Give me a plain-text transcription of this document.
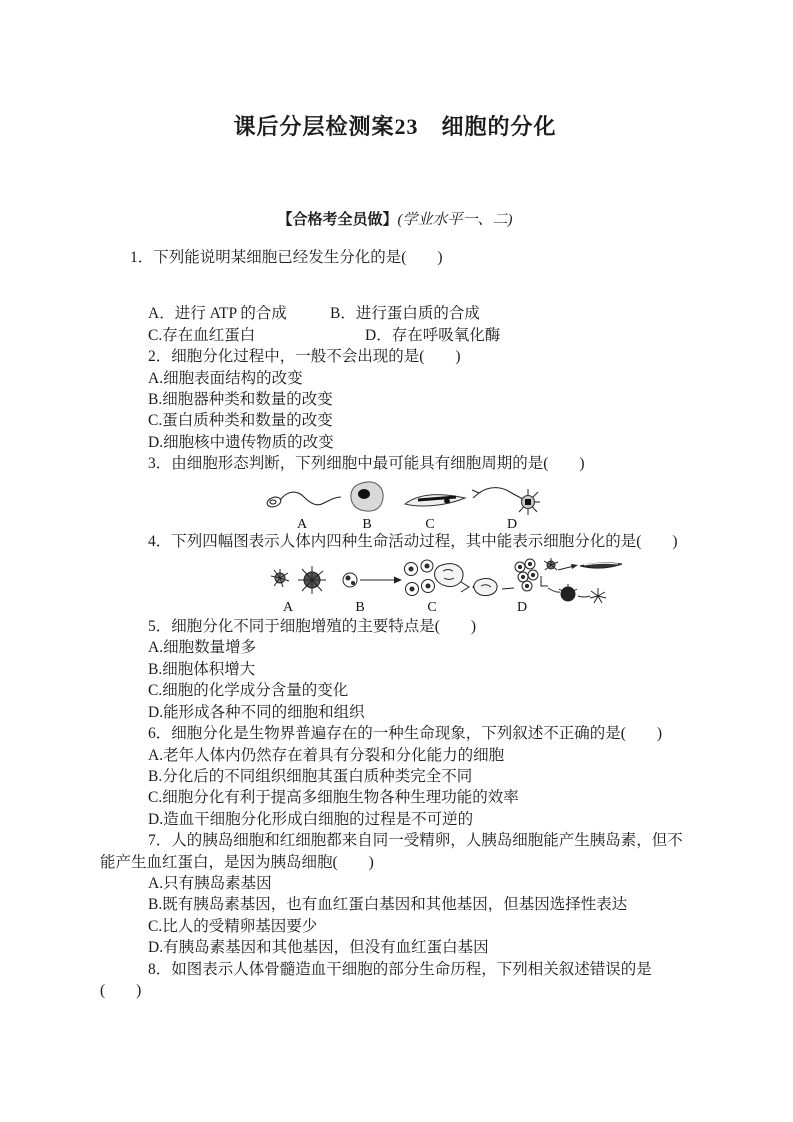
课后分层检测案23　细胞的分化

【合格考全员做】(学业水平一、二)

1．下列能说明某细胞已经发生分化的是(　　)

A．进行 ATP 的合成	B．进行蛋白质的合成

C.存在血红蛋白	D．存在呼吸氧化酶

2．细胞分化过程中，一般不会出现的是(　　)

A.细胞表面结构的改变

B.细胞器种类和数量的改变

C.蛋白质种类和数量的改变

D.细胞核中遗传物质的改变

3．由细胞形态判断，下列细胞中最可能具有细胞周期的是(　　)

A	B	C	D

4．下列四幅图表示人体内四种生命活动过程，其中能表示细胞分化的是(　　)

A	B	C	D

5．细胞分化不同于细胞增殖的主要特点是(　　)

A.细胞数量增多

B.细胞体积增大

C.细胞的化学成分含量的变化

D.能形成各种不同的细胞和组织

6．细胞分化是生物界普遍存在的一种生命现象，下列叙述不正确的是(　　)

A.老年人体内仍然存在着具有分裂和分化能力的细胞

B.分化后的不同组织细胞其蛋白质种类完全不同

C.细胞分化有利于提高多细胞生物各种生理功能的效率

D.造血干细胞分化形成白细胞的过程是不可逆的

7．人的胰岛细胞和红细胞都来自同一受精卵，人胰岛细胞能产生胰岛素，但不能产生血红蛋白，是因为胰岛细胞(　　)

A.只有胰岛素基因

B.既有胰岛素基因，也有血红蛋白基因和其他基因，但基因选择性表达

C.比人的受精卵基因要少

D.有胰岛素基因和其他基因，但没有血红蛋白基因

8．如图表示人体骨髓造血干细胞的部分生命历程，下列相关叙述错误的是(　　)
